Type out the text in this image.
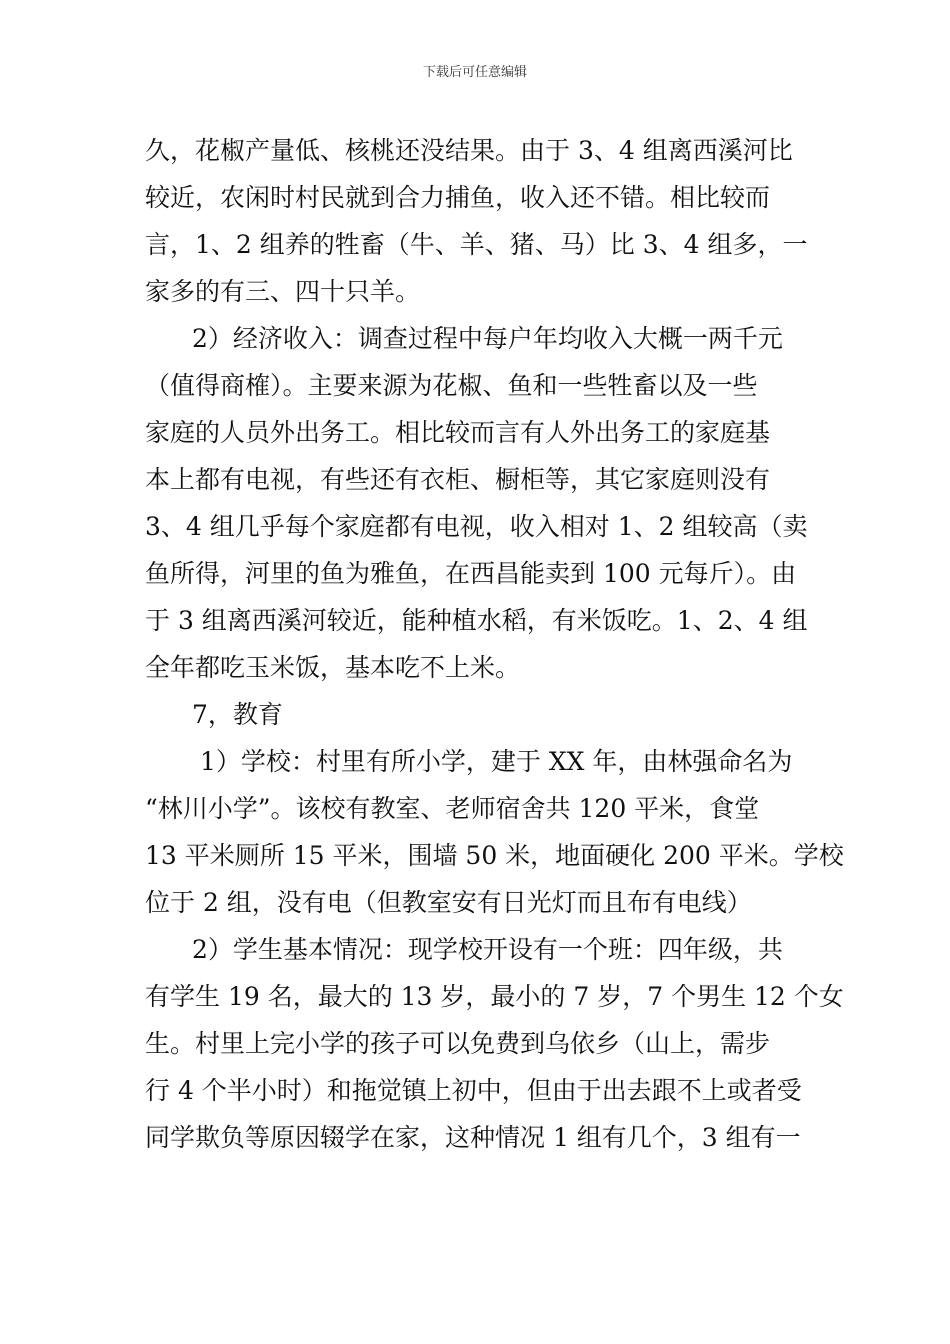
下载后可任意编辑
久，花椒产量低、核桃还没结果。由于 3、4 组离西溪河比
较近，农闲时村民就到合力捕鱼，收入还不错。相比较而
言，1、2 组养的牲畜（牛、羊、猪、马）比 3、4 组多，一
家多的有三、四十只羊。
2）经济收入：调查过程中每户年均收入大概一两千元
（值得商榷）。主要来源为花椒、鱼和一些牲畜以及一些
家庭的人员外出务工。相比较而言有人外出务工的家庭基
本上都有电视，有些还有衣柜、橱柜等，其它家庭则没有
3、4 组几乎每个家庭都有电视，收入相对 1、2 组较高（卖
鱼所得，河里的鱼为雅鱼，在西昌能卖到 100 元每斤）。由
于 3 组离西溪河较近，能种植水稻，有米饭吃。1、2、4 组
全年都吃玉米饭，基本吃不上米。
7，教育
1）学校：村里有所小学，建于 XX 年，由林强命名为
“林川小学”。该校有教室、老师宿舍共 120 平米，食堂
13 平米厕所 15 平米，围墙 50 米，地面硬化 200 平米。学校
位于 2 组，没有电（但教室安有日光灯而且布有电线）
2）学生基本情况：现学校开设有一个班：四年级，共
有学生 19 名，最大的 13 岁，最小的 7 岁，7 个男生 12 个女
生。村里上完小学的孩子可以免费到乌依乡（山上，需步
行 4 个半小时）和拖觉镇上初中，但由于出去跟不上或者受
同学欺负等原因辍学在家，这种情况 1 组有几个，3 组有一
